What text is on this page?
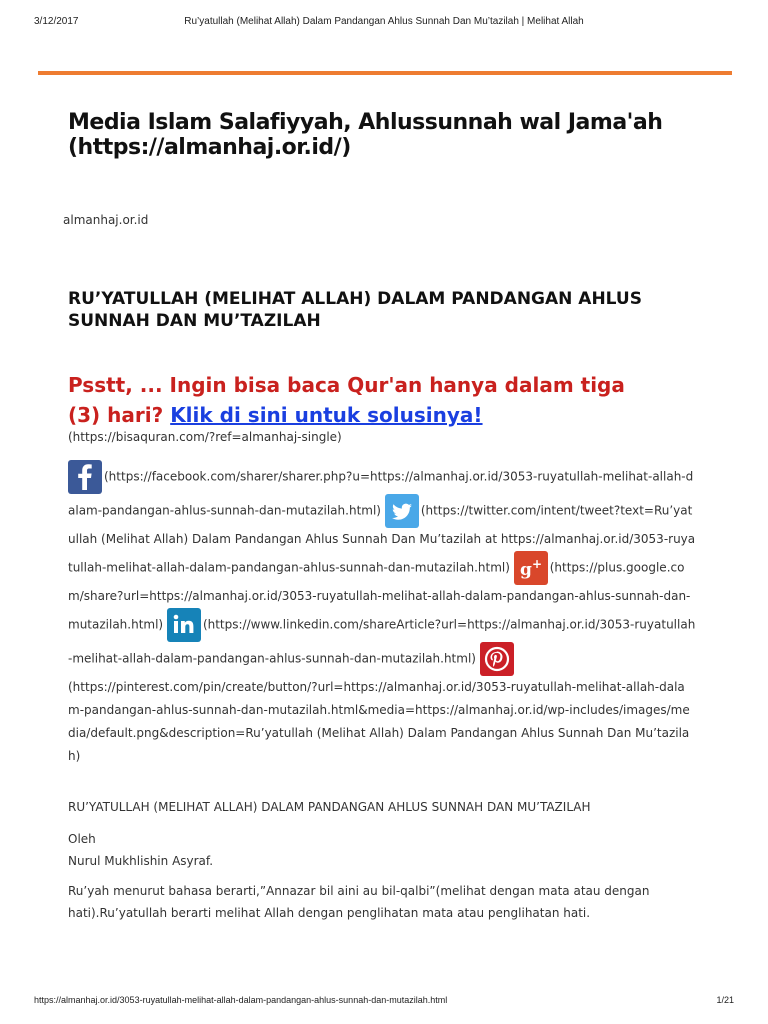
3/12/2017	Ru’yatullah (Melihat Allah) Dalam Pandangan Ahlus Sunnah Dan Mu’tazilah | Melihat Allah
Media Islam Salafiyyah, Ahlussunnah wal Jama'ah (https://almanhaj.or.id/)
almanhaj.or.id
RU’YATULLAH (MELIHAT ALLAH) DALAM PANDANGAN AHLUS SUNNAH DAN MU’TAZILAH
Psstt, ... Ingin bisa baca Qur'an hanya dalam tiga (3) hari? Klik di sini untuk solusinya!
(https://bisaquran.com/?ref=almanhaj-single)
(https://facebook.com/sharer/sharer.php?u=https://almanhaj.or.id/3053-ruyatullah-melihat-allah-dalam-pandangan-ahlus-sunnah-dan-mutazilah.html)	(https://twitter.com/intent/tweet?text=Ru’yatullah (Melihat Allah) Dalam Pandangan Ahlus Sunnah Dan Mu’tazilah at https://almanhaj.or.id/3053-ruyatullah-melihat-allah-dalam-pandangan-ahlus-sunnah-dan-mutazilah.html) g + (https://plus.google.com/share?url=https://almanhaj.or.id/3053-ruyatullah-melihat-allah-dalam-pandangan-ahlus-sunnah-dan-mutazilah.html)	(https://www.linkedin.com/shareArticle?url=https://almanhaj.or.id/3053-ruyatullah-melihat-allah-dalam-pandangan-ahlus-sunnah-dan-mutazilah.html)

(https://pinterest.com/pin/create/button/?url=https://almanhaj.or.id/3053-ruyatullah-melihat-allah-dalam-pandangan-ahlus-sunnah-dan-mutazilah.html&media=https://almanhaj.or.id/wp-includes/images/media/default.png&description=Ru’yatullah (Melihat Allah) Dalam Pandangan Ahlus Sunnah Dan Mu’tazilah)

RU’YATULLAH (MELIHAT ALLAH) DALAM PANDANGAN AHLUS SUNNAH DAN MU’TAZILAH

Oleh

Nurul Mukhlishin Asyraf.

Ru’yah menurut bahasa berarti,”Annazar bil aini au bil-qalbi”(melihat dengan mata atau dengan hati).Ru’yatullah berarti melihat Allah dengan penglihatan mata atau penglihatan hati.

https://almanhaj.or.id/3053-ruyatullah-melihat-allah-dalam-pandangan-ahlus-sunnah-dan-mutazilah.html	1/21
